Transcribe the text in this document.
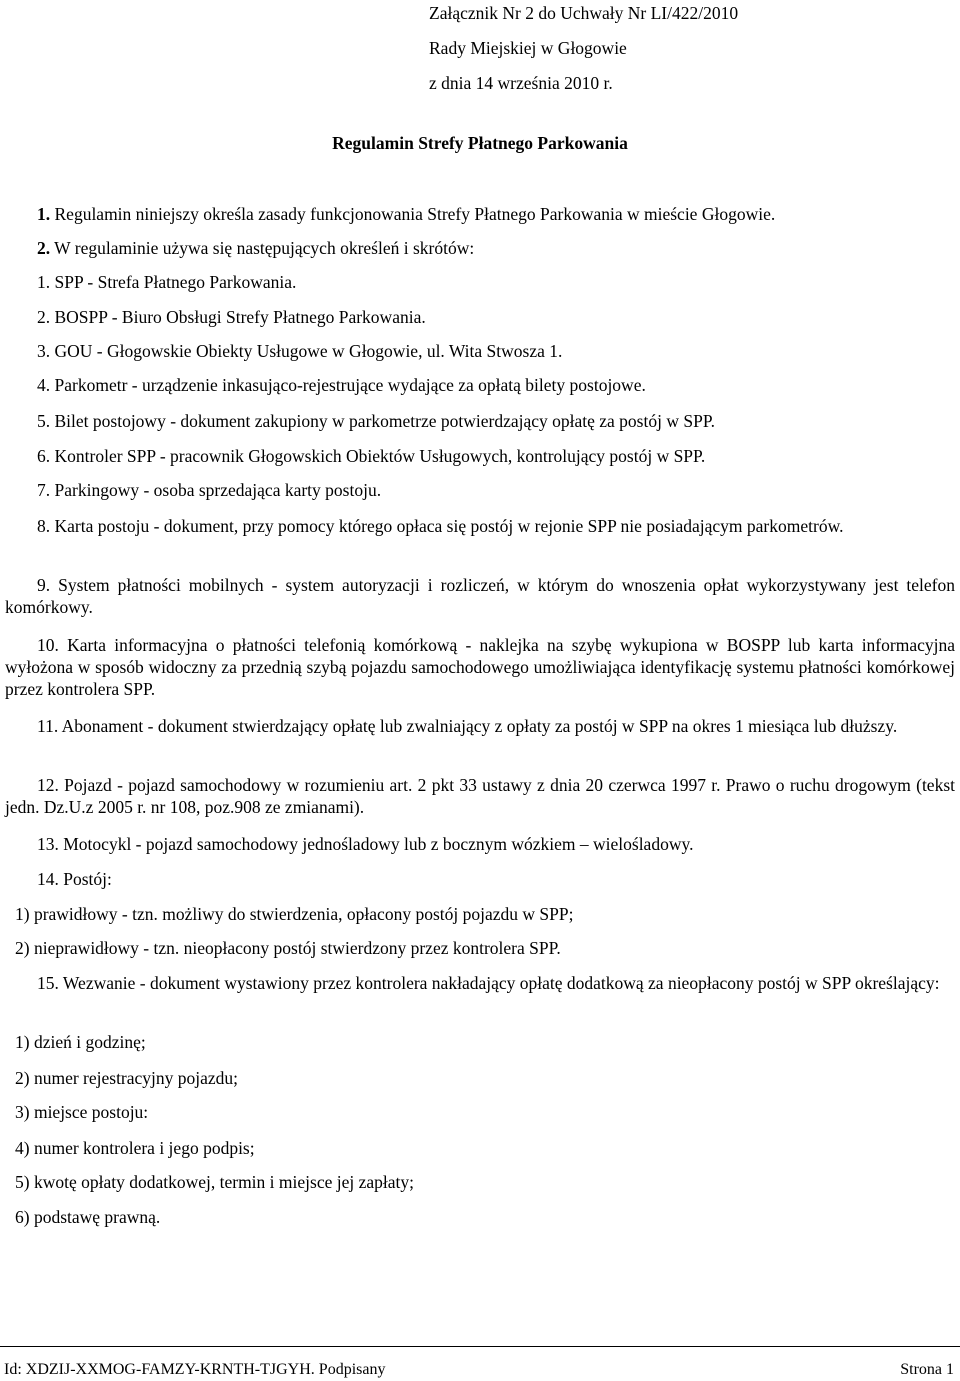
Załącznik Nr 2 do Uchwały Nr LI/422/2010
Rady Miejskiej w Głogowie
z dnia 14 września 2010 r.
Regulamin Strefy Płatnego Parkowania
1. Regulamin niniejszy określa zasady funkcjonowania Strefy Płatnego Parkowania w mieście Głogowie.
2. W regulaminie używa się następujących określeń i skrótów:
1. SPP - Strefa Płatnego Parkowania.
2. BOSPP - Biuro Obsługi Strefy Płatnego Parkowania.
3. GOU - Głogowskie Obiekty Usługowe w Głogowie, ul. Wita Stwosza 1.
4. Parkometr - urządzenie inkasująco-rejestrujące wydające za opłatą bilety postojowe.
5. Bilet postojowy - dokument zakupiony w parkometrze potwierdzający opłatę za postój w SPP.
6. Kontroler SPP - pracownik Głogowskich Obiektów Usługowych, kontrolujący postój w SPP.
7. Parkingowy - osoba sprzedająca karty postoju.
8. Karta postoju - dokument, przy pomocy którego opłaca się postój w rejonie SPP nie posiadającym parkometrów.
9. System płatności mobilnych - system autoryzacji i rozliczeń, w którym do wnoszenia opłat wykorzystywany jest telefon komórkowy.
10. Karta informacyjna o płatności telefonią komórkową - naklejka na szybę wykupiona w BOSPP lub karta informacyjna wyłożona w sposób widoczny za przednią szybą pojazdu samochodowego umożliwiająca identyfikację systemu płatności komórkowej przez kontrolera SPP.
11. Abonament - dokument stwierdzający opłatę lub zwalniający z opłaty za postój w SPP na okres 1 miesiąca lub dłuższy.
12. Pojazd - pojazd samochodowy w rozumieniu art. 2 pkt 33 ustawy z dnia 20 czerwca 1997 r. Prawo o ruchu drogowym (tekst jedn. Dz.U.z 2005 r. nr 108, poz.908 ze zmianami).
13. Motocykl - pojazd samochodowy jednośladowy lub z bocznym wózkiem – wielośladowy.
14. Postój:
1) prawidłowy - tzn. możliwy do stwierdzenia, opłacony postój pojazdu w SPP;
2) nieprawidłowy - tzn. nieopłacony postój stwierdzony przez kontrolera SPP.
15. Wezwanie - dokument wystawiony przez kontrolera nakładający opłatę dodatkową za nieopłacony postój w SPP określający:
1) dzień i godzinę;
2) numer rejestracyjny pojazdu;
3) miejsce postoju:
4) numer kontrolera i jego podpis;
5) kwotę opłaty dodatkowej, termin i miejsce jej zapłaty;
6) podstawę prawną.
Id: XDZIJ-XXMOG-FAMZY-KRNTH-TJGYH. Podpisany	Strona 1
